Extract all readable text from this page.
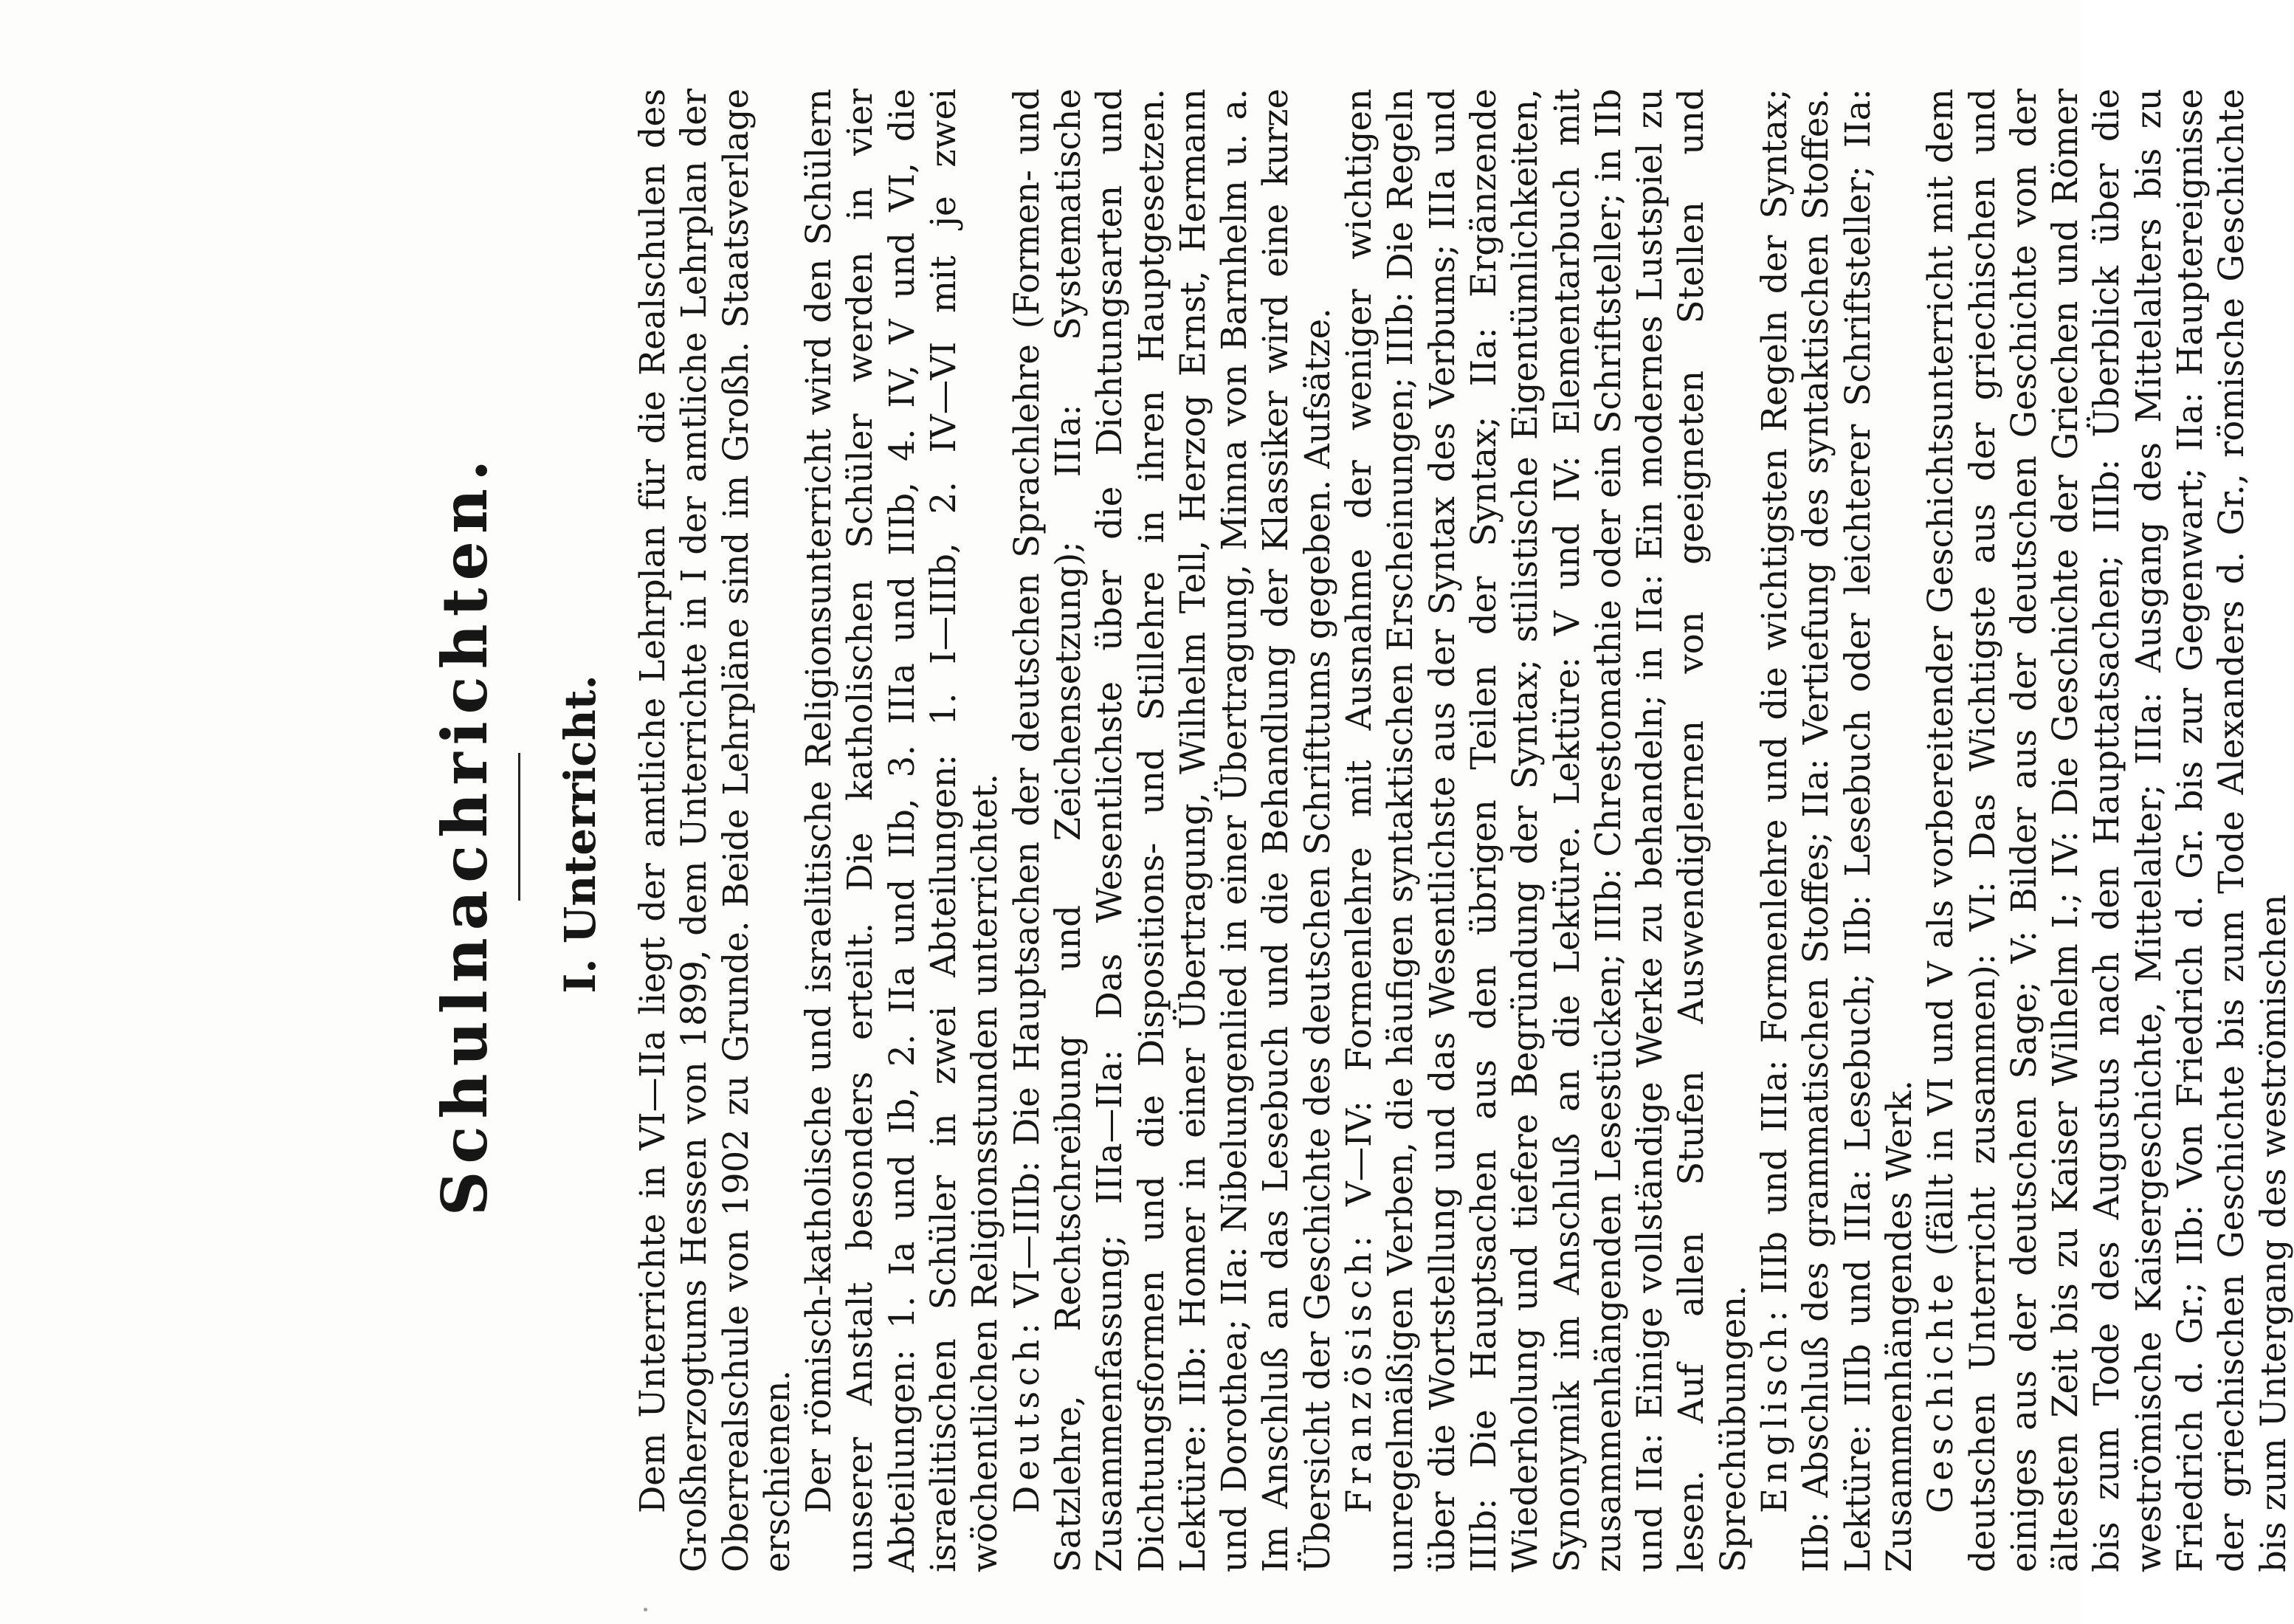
Schulnachrichten. I. Unterricht. Dem Unterrichte in VI—IIa liegt der amtliche Lehrplan für die Realschulen des Großherzogtums Hessen von 1899, dem Unterrichte in I der amtliche Lehrplan der Oberrealschule von 1902 zu Grunde. Beide Lehrpläne sind im Großh. Staatsverlage erschienen. Der römisch-katholische und israelitische Religionsunterricht wird den Schülern unserer Anstalt besonders erteilt. Die katholischen Schüler werden in vier Abteilungen: 1. Ia und Ib, 2. IIa und IIb, 3. IIIa und IIIb, 4. IV, V und VI, die israelitischen Schüler in zwei Abteilungen: 1. I—IIIb, 2. IV—VI mit je zwei wöchentlichen Religionsstunden unterrichtet. Deutsch: VI—IIIb: Die Hauptsachen der deutschen Sprachlehre (Formen- und Satzlehre, Rechtschreibung und Zeichensetzung); IIIa: Systematische Zusammenfassung; IIIa—IIa: Das Wesentlichste über die Dichtungsarten und Dichtungsformen und die Dispositions- und Stillehre in ihren Hauptgesetzen. Lektüre: IIb: Homer in einer Übertragung, Wilhelm Tell, Herzog Ernst, Hermann und Dorothea; IIa: Nibelungenlied in einer Übertragung, Minna von Barnhelm u. a. Im Anschluß an das Lesebuch und die Behandlung der Klassiker wird eine kurze Übersicht der Geschichte des deutschen Schrifttums gegeben. Aufsätze. Französisch: V—IV: Formenlehre mit Ausnahme der weniger wichtigen unregelmäßigen Verben, die häufigen syntaktischen Erscheinungen; IIIb: Die Regeln über die Wortstellung und das Wesentlichste aus der Syntax des Verbums; IIIa und IIIb: Die Hauptsachen aus den übrigen Teilen der Syntax; IIa: Ergänzende Wiederholung und tiefere Begründung der Syntax; stilistische Eigentümlichkeiten, Synonymik im Anschluß an die Lektüre. Lektüre: V und IV: Elementarbuch mit zusammenhängenden Lesestücken; IIIb: Chrestomathie oder ein Schriftsteller; in IIb und IIa: Einige vollständige Werke zu behandeln; in IIa: Ein modernes Lustspiel zu lesen. Auf allen Stufen Auswendiglernen von geeigneten Stellen und Sprechübungen. Englisch: IIIb und IIIa: Formenlehre und die wichtigsten Regeln der Syntax; IIb: Abschluß des grammatischen Stoffes; IIa: Vertiefung des syntaktischen Stoffes. Lektüre: IIIb und IIIa: Lesebuch; IIb: Lesebuch oder leichterer Schriftsteller; IIa: Zusammenhängendes Werk. Geschichte (fällt in VI und V als vorbereitender Geschichtsunterricht mit dem deutschen Unterricht zusammen): VI: Das Wichtigste aus der griechischen und einiges aus der deutschen Sage; V: Bilder aus der deutschen Geschichte von der ältesten Zeit bis zu Kaiser Wilhelm I.; IV: Die Geschichte der Griechen und Römer bis zum Tode des Augustus nach den Haupttatsachen; IIIb: Überblick über die weströmische Kaisergeschichte, Mittelalter; IIIa: Ausgang des Mittelalters bis zu Friedrich d. Gr.; IIb: Von Friedrich d. Gr. bis zur Gegenwart; IIa: Hauptereignisse der griechischen Geschichte bis zum Tode Alexanders d. Gr., römische Geschichte bis zum Untergang des weströmischen
